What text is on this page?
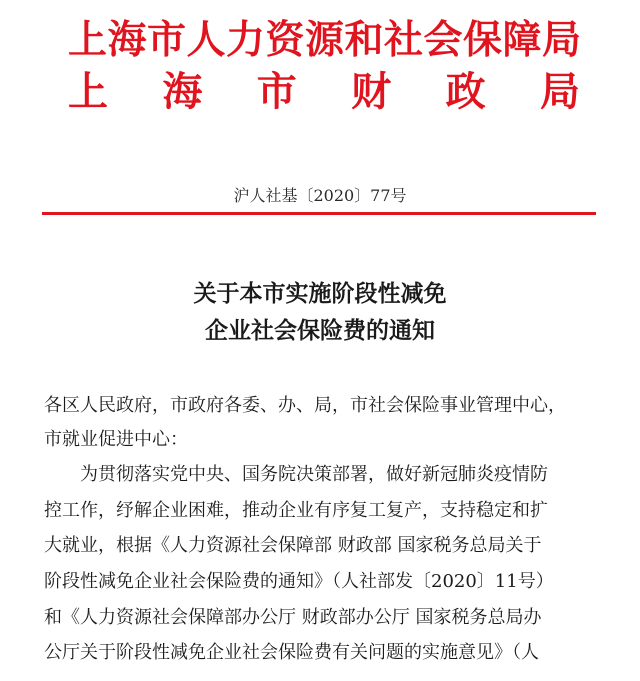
上海市人力资源和社会保障局
上 海 市 财 政 局
沪人社基〔2020〕77号
关于本市实施阶段性减免
企业社会保险费的通知
各区人民政府，市政府各委、办、局，市社会保险事业管理中心，
市就业促进中心：
为贯彻落实党中央、国务院决策部署，做好新冠肺炎疫情防
控工作，纾解企业困难，推动企业有序复工复产，支持稳定和扩
大就业，根据《人力资源社会保障部 财政部 国家税务总局关于
阶段性减免企业社会保险费的通知》（人社部发〔2020〕11号）
和《人力资源社会保障部办公厅 财政部办公厅 国家税务总局办
公厅关于阶段性减免企业社会保险费有关问题的实施意见》（人
